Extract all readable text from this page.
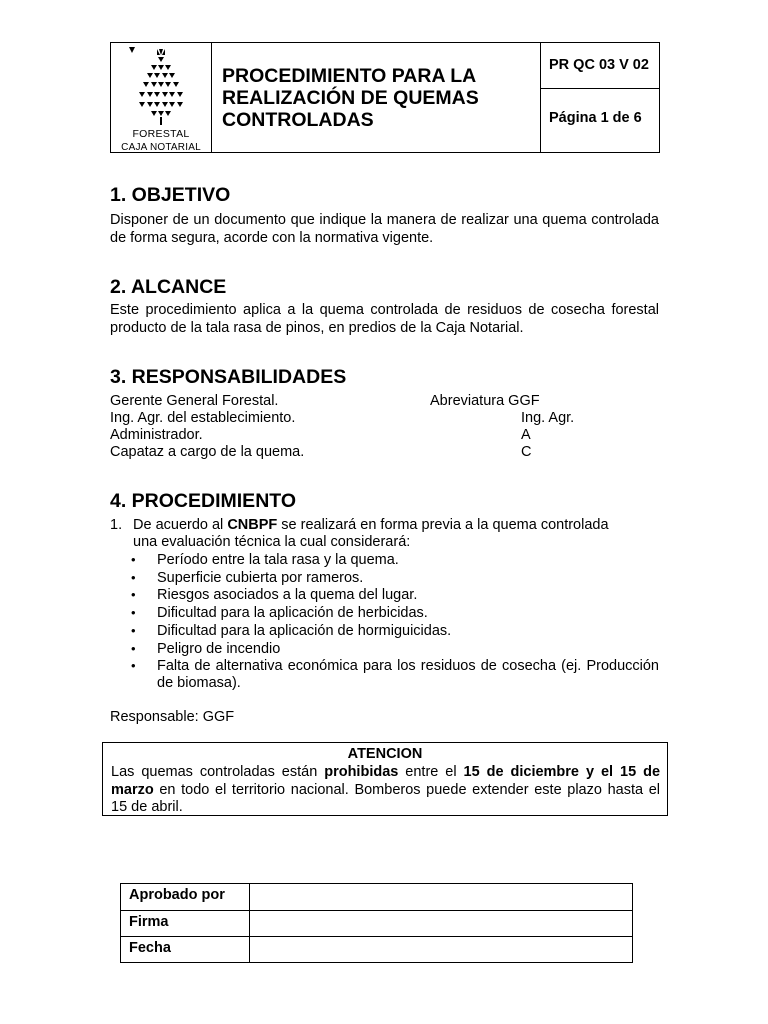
FORESTAL
CAJA NOTARIAL
PROCEDIMIENTO PARA LA
REALIZACIÓN DE QUEMAS
CONTROLADAS
PR QC 03 V 02
Página 1 de 6
1. OBJETIVO

Disponer de un documento que indique la manera de realizar una quema controlada de forma segura, acorde con la normativa vigente.

2. ALCANCE

Este procedimiento aplica a la quema controlada de residuos de cosecha forestal producto de la tala rasa de pinos, en predios de la Caja Notarial.

3. RESPONSABILIDADES
Gerente General Forestal.	Abreviatura GGF
Ing. Agr. del establecimiento.	Ing. Agr.
Administrador.	A
Capataz a cargo de la quema.	C
4. PROCEDIMIENTO
1. De acuerdo al CNBPF se realizará en forma previa a la quema controlada
una evaluación técnica la cual considerará:
• Período entre la tala rasa y la quema.
• Superficie cubierta por rameros.
• Riesgos asociados a la quema del lugar.
• Dificultad para la aplicación de herbicidas.
• Dificultad para la aplicación de hormiguicidas.
• Peligro de incendio
• Falta de alternativa económica para los residuos de cosecha (ej. Producción de biomasa).
Responsable: GGF
ATENCION

Las quemas controladas están prohibidas entre el 15 de diciembre y el 15 de marzo en todo el territorio nacional. Bomberos puede extender este plazo hasta el 15 de abril.

Aprobado por
Firma
Fecha
